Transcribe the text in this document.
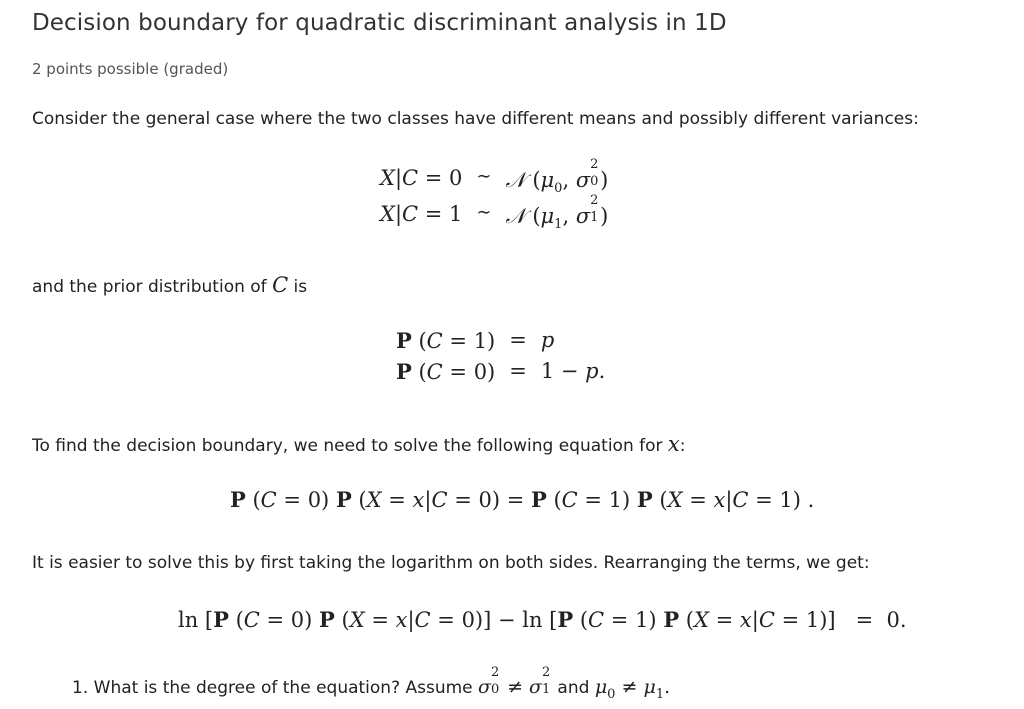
Decision boundary for quadratic discriminant analysis in 1D
2 points possible (graded)
Consider the general case where the two classes have different means and possibly different variances:
X|C = 0 ∼ 𝒩 ($\mu_0$, σ
2
0 )
X|C = 1 ∼ 𝒩 ($\mu_1$, σ
2
1 )
and the prior distribution of C is
P (C = 1) = p
P (C = 0) = 1 − p.
To find the decision boundary, we need to solve the following equation for x:
P (C = 0) P (X = x|C = 0) = P (C = 1) P (X = x|C = 1) .
It is easier to solve this by first taking the logarithm on both sides. Rearranging the terms, we get:
ln [P (C = 0) P (X = x|C = 0)] − ln [P (C = 1) P (X = x|C = 1)]   =  0.
1. What is the degree of the equation? Assume σ
2
0 ≠ σ
2
1 and $\mu_0 \ne \mu_1$.
